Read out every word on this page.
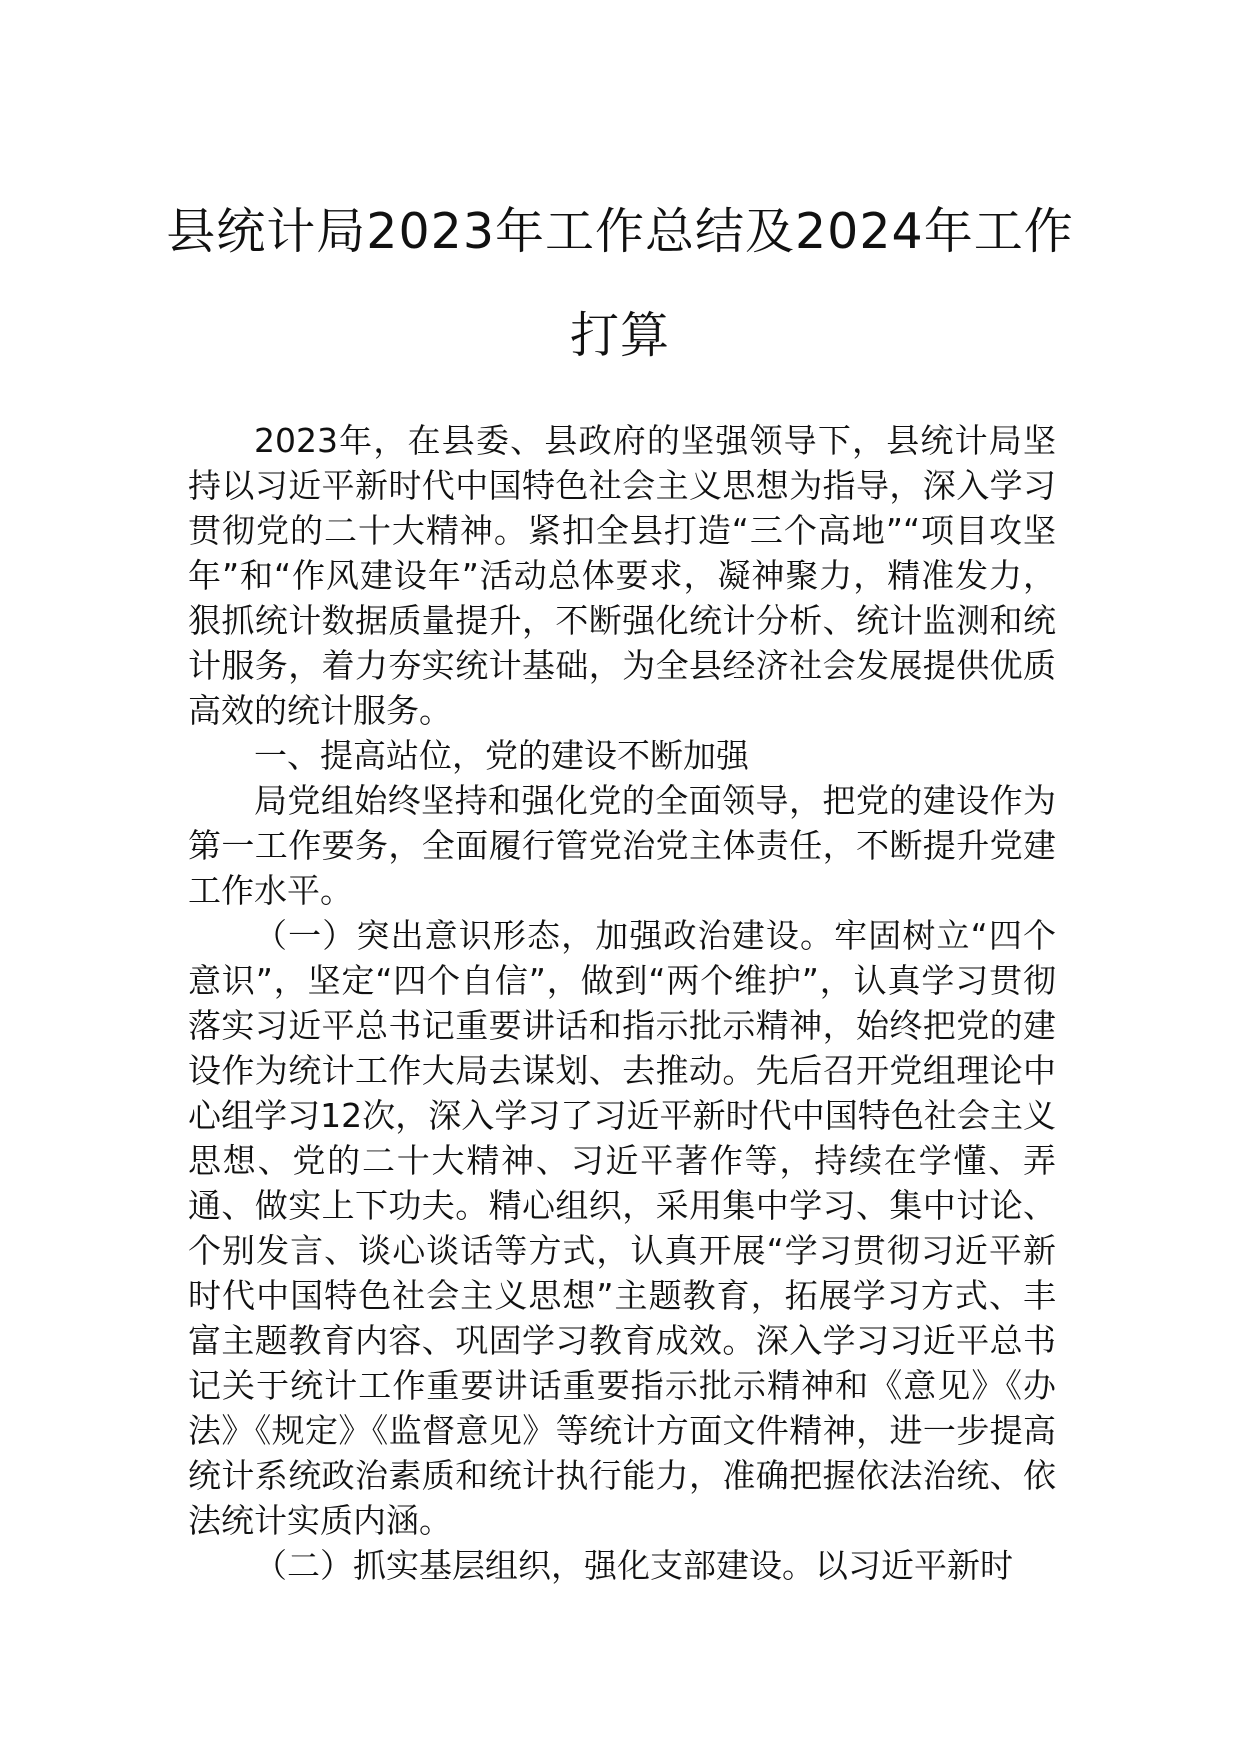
县统计局2023年工作总结及2024年工作打算

2023年，在县委、县政府的坚强领导下，县统计局坚持以习近平新时代中国特色社会主义思想为指导，深入学习贯彻党的二十大精神。紧扣全县打造“三个高地”“项目攻坚年”和“作风建设年”活动总体要求，凝神聚力，精准发力，狠抓统计数据质量提升，不断强化统计分析、统计监测和统计服务，着力夯实统计基础，为全县经济社会发展提供优质高效的统计服务。

一、提高站位，党的建设不断加强

局党组始终坚持和强化党的全面领导，把党的建设作为第一工作要务，全面履行管党治党主体责任，不断提升党建工作水平。

（一）突出意识形态，加强政治建设。牢固树立“四个意识”，坚定“四个自信”，做到“两个维护”，认真学习贯彻落实习近平总书记重要讲话和指示批示精神，始终把党的建设作为统计工作大局去谋划、去推动。先后召开党组理论中心组学习12次，深入学习了习近平新时代中国特色社会主义思想、党的二十大精神、习近平著作等，持续在学懂、弄通、做实上下功夫。精心组织，采用集中学习、集中讨论、个别发言、谈心谈话等方式，认真开展“学习贯彻习近平新时代中国特色社会主义思想”主题教育，拓展学习方式、丰富主题教育内容、巩固学习教育成效。深入学习习近平总书记关于统计工作重要讲话重要指示批示精神和《意见》《办法》《规定》《监督意见》等统计方面文件精神，进一步提高统计系统政治素质和统计执行能力，准确把握依法治统、依法统计实质内涵。

（二）抓实基层组织，强化支部建设。以习近平新时
